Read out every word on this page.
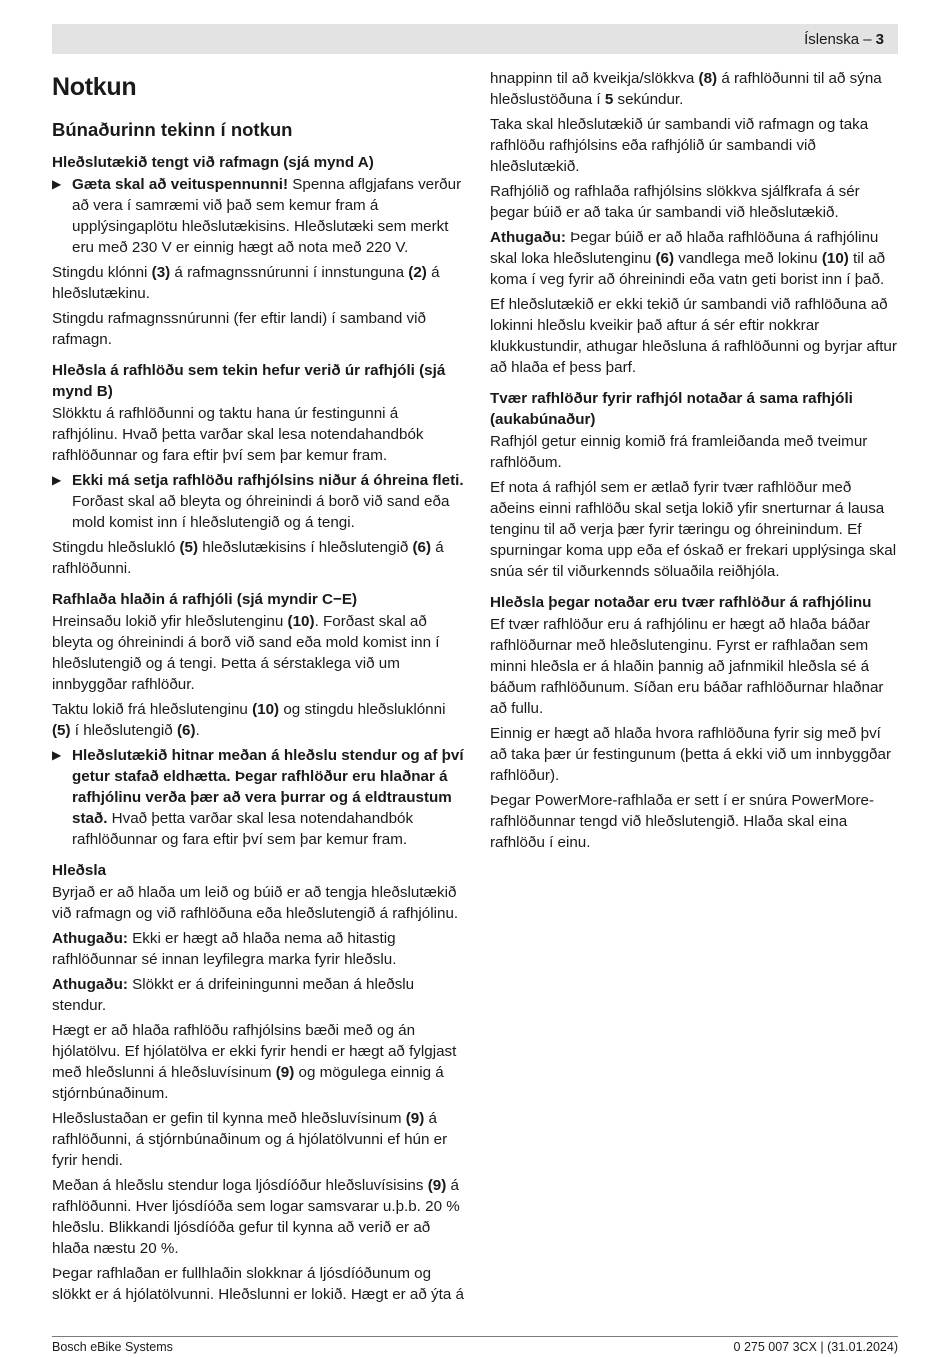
Íslenska – 3
Notkun
Búnaðurinn tekinn í notkun
Hleðslutækið tengt við rafmagn (sjá mynd A)
▶ Gæta skal að veituspennunni! Spenna aflgjafans verður að vera í samræmi við það sem kemur fram á upplýsingaplötu hleðslutækisins. Hleðslutæki sem merkt eru með 230 V er einnig hægt að nota með 220 V.

Stingdu klónni (3) á rafmagnssnúrunni í innstunguna (2) á hleðslutækinu.

Stingdu rafmagnssnúrunni (fer eftir landi) í samband við rafmagn.

Hleðsla á rafhlöðu sem tekin hefur verið úr rafhjóli (sjá mynd B)

Slökktu á rafhlöðunni og taktu hana úr festingunni á rafhjólinu. Hvað þetta varðar skal lesa notendahandbók rafhlöðunnar og fara eftir því sem þar kemur fram.

▶ Ekki má setja rafhlöðu rafhjólsins niður á óhreina fleti. Forðast skal að bleyta og óhreinindi á borð við sand eða mold komist inn í hleðslutengið og á tengi.

Stingdu hleðslukló (5) hleðslutækisins í hleðslutengið (6) á rafhlöðunni.

Rafhlaða hlaðin á rafhjóli (sjá myndir C−E)

Hreinsaðu lokið yfir hleðslutenginu (10). Forðast skal að bleyta og óhreinindi á borð við sand eða mold komist inn í hleðslutengið og á tengi. Þetta á sérstaklega við um innbyggðar rafhlöður.

Taktu lokið frá hleðslutenginu (10) og stingdu hleðsluklónni (5) í hleðslutengið (6).

▶ Hleðslutækið hitnar meðan á hleðslu stendur og af því getur stafað eldhætta. Þegar rafhlöður eru hlaðnar á rafhjólinu verða þær að vera þurrar og á eldtraustum stað. Hvað þetta varðar skal lesa notendahandbók rafhlöðunnar og fara eftir því sem þar kemur fram.
Hleðsla

Byrjað er að hlaða um leið og búið er að tengja hleðslutækið við rafmagn og við rafhlöðuna eða hleðslutengið á rafhjólinu.

Athugaðu: Ekki er hægt að hlaða nema að hitastig rafhlöðunnar sé innan leyfilegra marka fyrir hleðslu.

Athugaðu: Slökkt er á drifeiningunni meðan á hleðslu stendur.

Hægt er að hlaða rafhlöðu rafhjólsins bæði með og án hjólatölvu. Ef hjólatölva er ekki fyrir hendi er hægt að fylgjast með hleðslunni á hleðsluvísinum (9) og mögulega einnig á stjórnbúnaðinum.

Hleðslustaðan er gefin til kynna með hleðsluvísinum (9) á rafhlöðunni, á stjórnbúnaðinum og á hjólatölvunni ef hún er fyrir hendi.

Meðan á hleðslu stendur loga ljósdíóður hleðsluvísisins (9) á rafhlöðunni. Hver ljósdíóða sem logar samsvarar u.þ.b. 20 % hleðslu. Blikkandi ljósdíóða gefur til kynna að verið er að hlaða næstu 20 %.

Þegar rafhlaðan er fullhlaðin slokknar á ljósdíóðunum og slökkt er á hjólatölvunni. Hleðslunni er lokið. Hægt er að ýta á

hnappinn til að kveikja/slökkva (8) á rafhlöðunni til að sýna hleðslustöðuna í 5 sekúndur.

Taka skal hleðslutækið úr sambandi við rafmagn og taka rafhlöðu rafhjólsins eða rafhjólið úr sambandi við hleðslutækið.

Rafhjólið og rafhlaða rafhjólsins slökkva sjálfkrafa á sér þegar búið er að taka úr sambandi við hleðslutækið.

Athugaðu: Þegar búið er að hlaða rafhlöðuna á rafhjólinu skal loka hleðslutenginu (6) vandlega með lokinu (10) til að koma í veg fyrir að óhreinindi eða vatn geti borist inn í það.

Ef hleðslutækið er ekki tekið úr sambandi við rafhlöðuna að lokinni hleðslu kveikir það aftur á sér eftir nokkrar klukkustundir, athugar hleðsluna á rafhlöðunni og byrjar aftur að hlaða ef þess þarf.

Tvær rafhlöður fyrir rafhjól notaðar á sama rafhjóli (aukabúnaður)

Rafhjól getur einnig komið frá framleiðanda með tveimur rafhlöðum.

Ef nota á rafhjól sem er ætlað fyrir tvær rafhlöður með aðeins einni rafhlöðu skal setja lokið yfir snerturnar á lausa tenginu til að verja þær fyrir tæringu og óhreinindum. Ef spurningar koma upp eða ef óskað er frekari upplýsinga skal snúa sér til viðurkennds söluaðila reiðhjóla.

Hleðsla þegar notaðar eru tvær rafhlöður á rafhjólinu

Ef tvær rafhlöður eru á rafhjólinu er hægt að hlaða báðar rafhlöðurnar með hleðslutenginu. Fyrst er rafhlaðan sem minni hleðsla er á hlaðin þannig að jafnmikil hleðsla sé á báðum rafhlöðunum. Síðan eru báðar rafhlöðurnar hlaðnar að fullu.

Einnig er hægt að hlaða hvora rafhlöðuna fyrir sig með því að taka þær úr festingunum (þetta á ekki við um innbyggðar rafhlöður).

Þegar PowerMore-rafhlaða er sett í er snúra PowerMore-rafhlöðunnar tengd við hleðslutengið. Hlaða skal eina rafhlöðu í einu.

Bosch eBike Systems	0 275 007 3CX | (31.01.2024)
